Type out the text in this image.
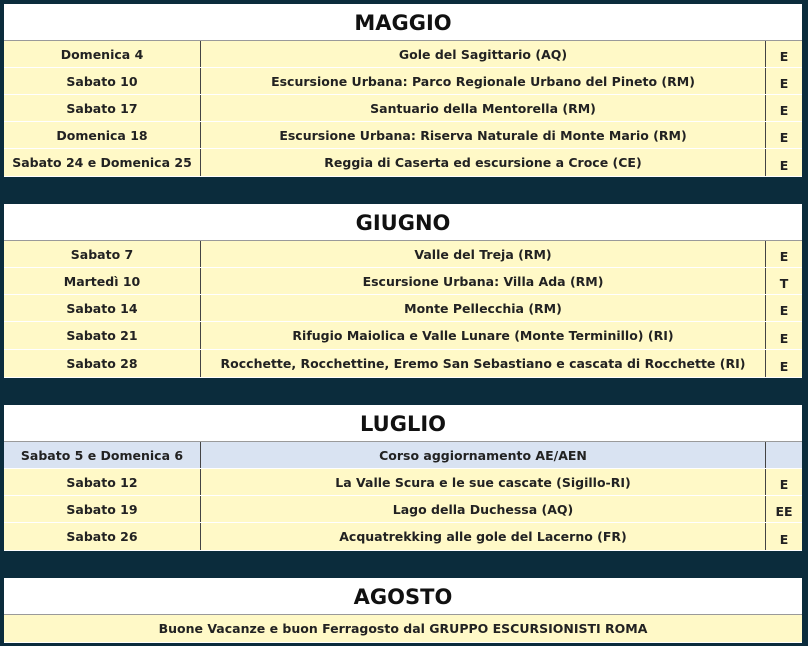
MAGGIO
Domenica 4	Gole del Sagittario (AQ)	E
Sabato 10	Escursione Urbana: Parco Regionale Urbano del Pineto (RM)	E
Sabato 17	Santuario della Mentorella (RM)	E
Domenica 18	Escursione Urbana: Riserva Naturale di Monte Mario (RM)	E
Sabato 24 e Domenica 25	Reggia di Caserta ed escursione a Croce (CE)	E
GIUGNO
Sabato 7	Valle del Treja (RM)	E
Martedì 10	Escursione Urbana: Villa Ada (RM)	T
Sabato 14	Monte Pellecchia (RM)	E
Sabato 21	Rifugio Maiolica e Valle Lunare (Monte Terminillo) (RI)	E
Sabato 28	Rocchette, Rocchettine, Eremo San Sebastiano e cascata di Rocchette (RI)	E
LUGLIO
Sabato 5 e Domenica 6	Corso aggiornamento AE/AEN
Sabato 12	La Valle Scura e le sue cascate (Sigillo-RI)	E
Sabato 19	Lago della Duchessa (AQ)	EE
Sabato 26	Acquatrekking alle gole del Lacerno (FR)	E
AGOSTO
Buone Vacanze e buon Ferragosto dal GRUPPO ESCURSIONISTI ROMA
